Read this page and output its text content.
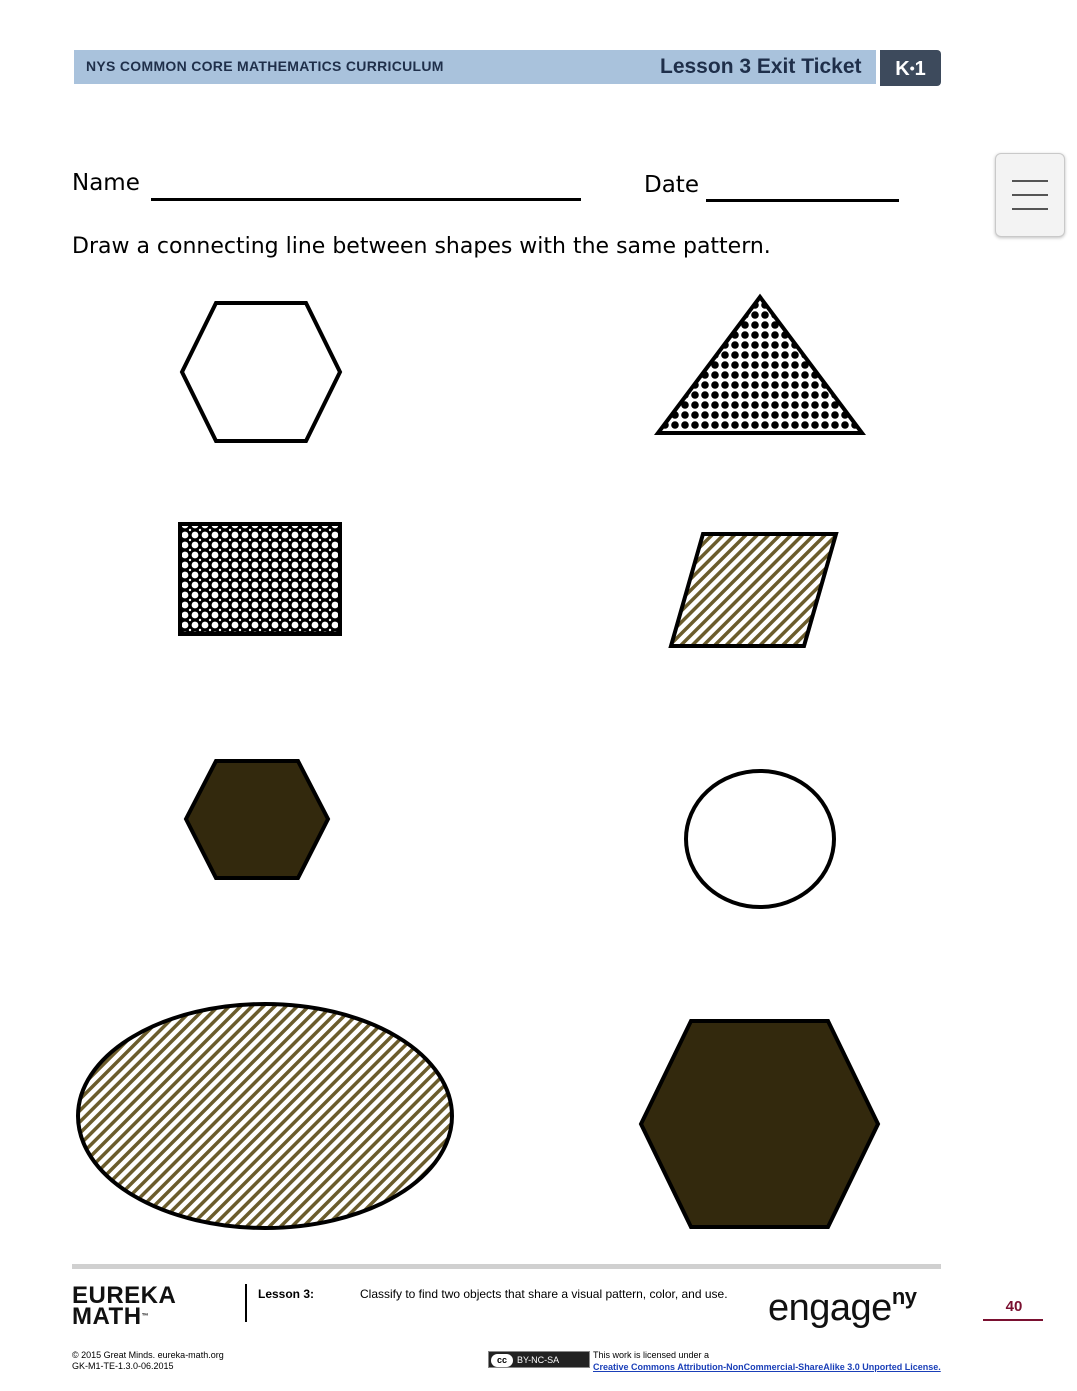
NYS COMMON CORE MATHEMATICS CURRICULUM	Lesson 3 Exit Ticket	K•1
Name	Date
Draw a connecting line between shapes with the same pattern.
EUREKA
MATH™
Lesson 3:	Classify to find two objects that share a visual pattern, color, and use. engage$^{ny}$	40
© 2015 Great Minds. eureka-math.org
GK-M1-TE-1.3.0-06.2015
cc BY-NC-SA	This work is licensed under a
Creative Commons Attribution-NonCommercial-ShareAlike 3.0 Unported License.
